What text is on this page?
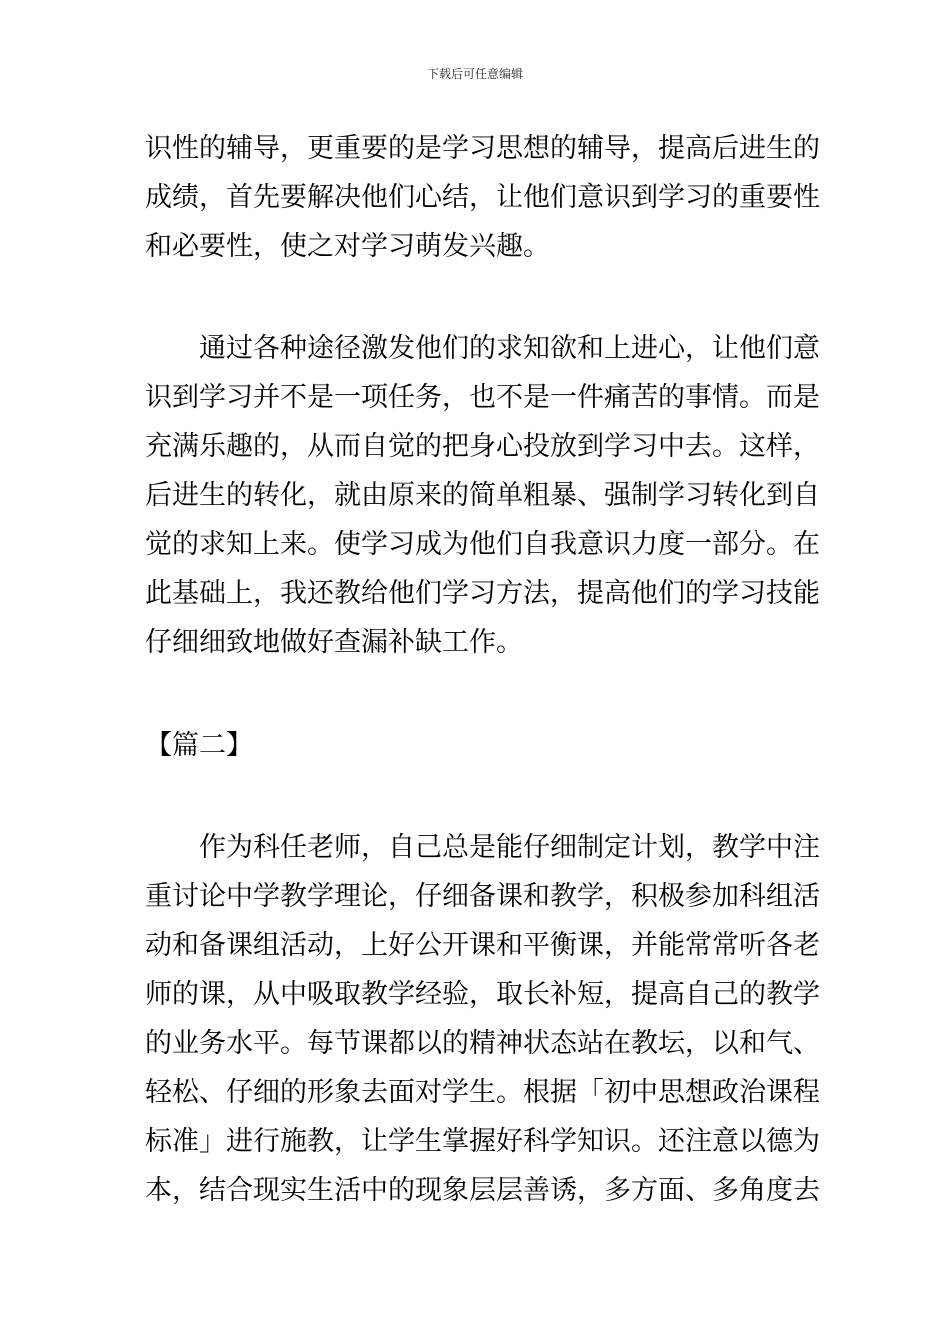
下载后可任意编辑
识性的辅导，更重要的是学习思想的辅导，提高后进生的
成绩，首先要解决他们心结，让他们意识到学习的重要性
和必要性，使之对学习萌发兴趣。
　　通过各种途径激发他们的求知欲和上进心，让他们意
识到学习并不是一项任务，也不是一件痛苦的事情。而是
充满乐趣的，从而自觉的把身心投放到学习中去。这样，
后进生的转化，就由原来的简单粗暴、强制学习转化到自
觉的求知上来。使学习成为他们自我意识力度一部分。在
此基础上，我还教给他们学习方法，提高他们的学习技能
仔细细致地做好查漏补缺工作。
【篇二】
　　作为科任老师，自己总是能仔细制定计划，教学中注
重讨论中学教学理论，仔细备课和教学，积极参加科组活
动和备课组活动，上好公开课和平衡课，并能常常听各老
师的课，从中吸取教学经验，取长补短，提高自己的教学
的业务水平。每节课都以的精神状态站在教坛，以和气、
轻松、仔细的形象去面对学生。根据「初中思想政治课程
标准」进行施教，让学生掌握好科学知识。还注意以德为
本，结合现实生活中的现象层层善诱，多方面、多角度去
